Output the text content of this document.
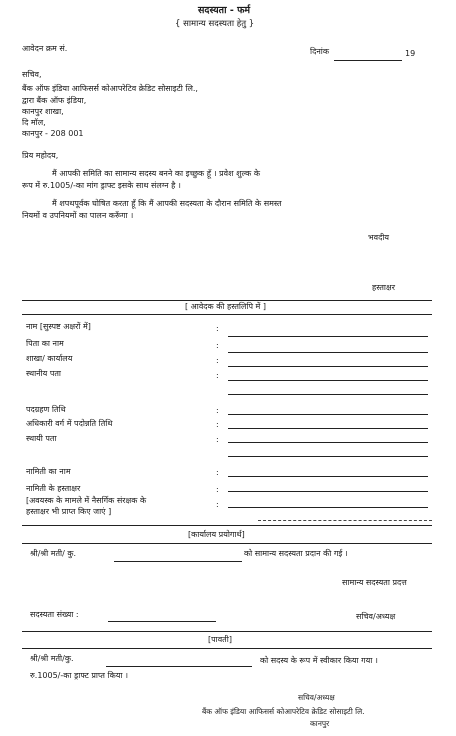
सदस्यता - फर्म
{ सामान्य सदस्यता हेतु }
आवेदन क्रम सं.	दिनांक	19
सचिव,
बैंक ऑफ इंडिया आफिसर्स कोआपरेटिव क्रेडिट सोसाइटी लि.,
द्वारा बैंक ऑफ इंडिया,
कानपुर शाखा,
दि मॉल,
कानपुर - 208 001
प्रिय महोदय,
मैं आपकी समिति का सामान्य सदस्य बनने का इच्छुक हूँ । प्रवेश शुल्क के
रूप में रु.1005/-का मांग ड्राफ्ट इसके साथ संलग्न है ।
मैं शपथपूर्वक घोषित करता हूँ कि मैं आपकी सदस्यता के दौरान समिति के समस्त
नियमों व उपनियमों का पालन करूँगा ।
भवदीय
हस्ताक्षर
[ आवेदक की हस्तलिपि में ]
नाम [सुस्पष्ट अक्षरों में]	:
पिता का नाम	:
शाखा/ कार्यालय	:
स्थानीय पता	:
पदग्रहण तिथि	:
अधिकारी वर्ग में पदोन्नति तिथि	:
स्थायी पता	:
नामिती का नाम	:
नामिती के हस्ताक्षर	:
[अवयस्क के मामले में नैसर्गिक संरक्षक के
हस्ताक्षर भी प्राप्त किए जाएं ]
:
[कार्यालय प्रयोगार्थ]
श्री/श्री मती/ कु.	को सामान्य सदस्यता प्रदान की गई ।
सामान्य सदस्यता प्रदत्त
सदस्यता संख्या :	सचिव/अध्यक्ष
[पावती]
श्री/श्री मती/कु.	को सदस्य के रूप में स्वीकार किया गया ।
रु.1005/-का ड्राफ्ट प्राप्त किया ।
सचिव/अध्यक्ष
बैंक ऑफ इंडिया आफिसर्स कोआपरेटिव क्रेडिट सोसाइटी लि.
कानपुर
